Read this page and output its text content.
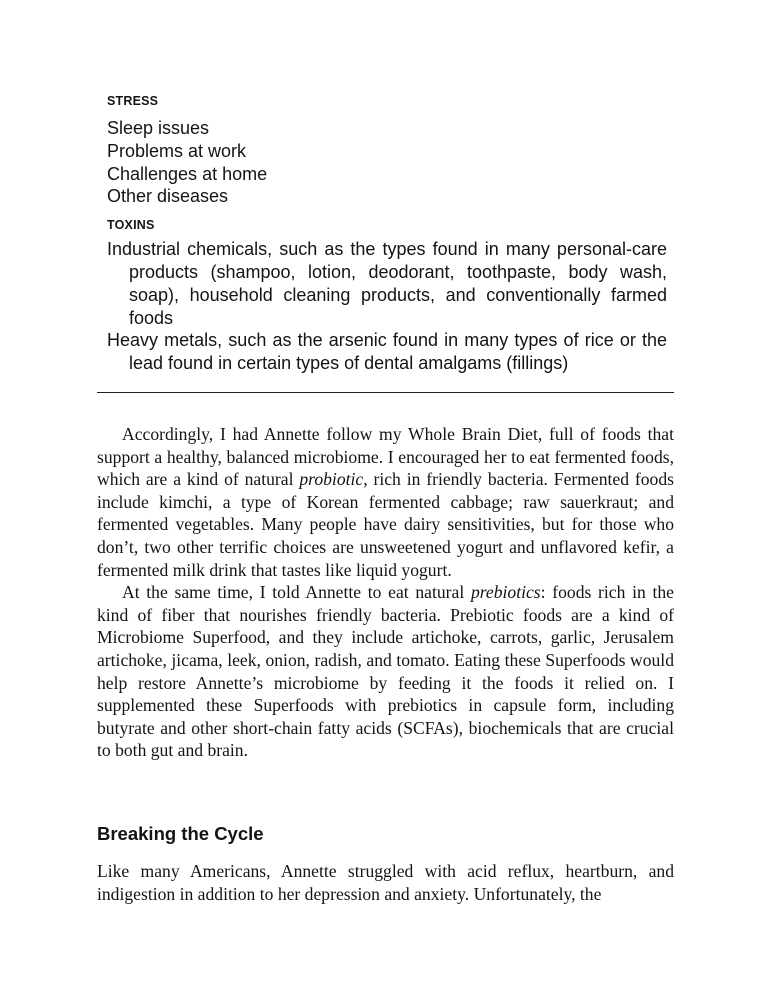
STRESS
Sleep issues
Problems at work
Challenges at home
Other diseases
TOXINS
Industrial chemicals, such as the types found in many personal-care products (shampoo, lotion, deodorant, toothpaste, body wash, soap), household cleaning products, and conventionally farmed foods
Heavy metals, such as the arsenic found in many types of rice or the lead found in certain types of dental amalgams (fillings)

Accordingly, I had Annette follow my Whole Brain Diet, full of foods that support a healthy, balanced microbiome. I encouraged her to eat fermented foods, which are a kind of natural probiotic, rich in friendly bacteria. Fermented foods include kimchi, a type of Korean fermented cabbage; raw sauerkraut; and fermented vegetables. Many people have dairy sensitivities, but for those who don’t, two other terrific choices are unsweetened yogurt and unflavored kefir, a fermented milk drink that tastes like liquid yogurt.

At the same time, I told Annette to eat natural prebiotics: foods rich in the kind of fiber that nourishes friendly bacteria. Prebiotic foods are a kind of Microbiome Superfood, and they include artichoke, carrots, garlic, Jerusalem artichoke, jicama, leek, onion, radish, and tomato. Eating these Superfoods would help restore Annette’s microbiome by feeding it the foods it relied on. I supplemented these Superfoods with prebiotics in capsule form, including butyrate and other short-chain fatty acids (SCFAs), biochemicals that are crucial to both gut and brain.

Breaking the Cycle

Like many Americans, Annette struggled with acid reflux, heartburn, and indigestion in addition to her depression and anxiety. Unfortunately, the
